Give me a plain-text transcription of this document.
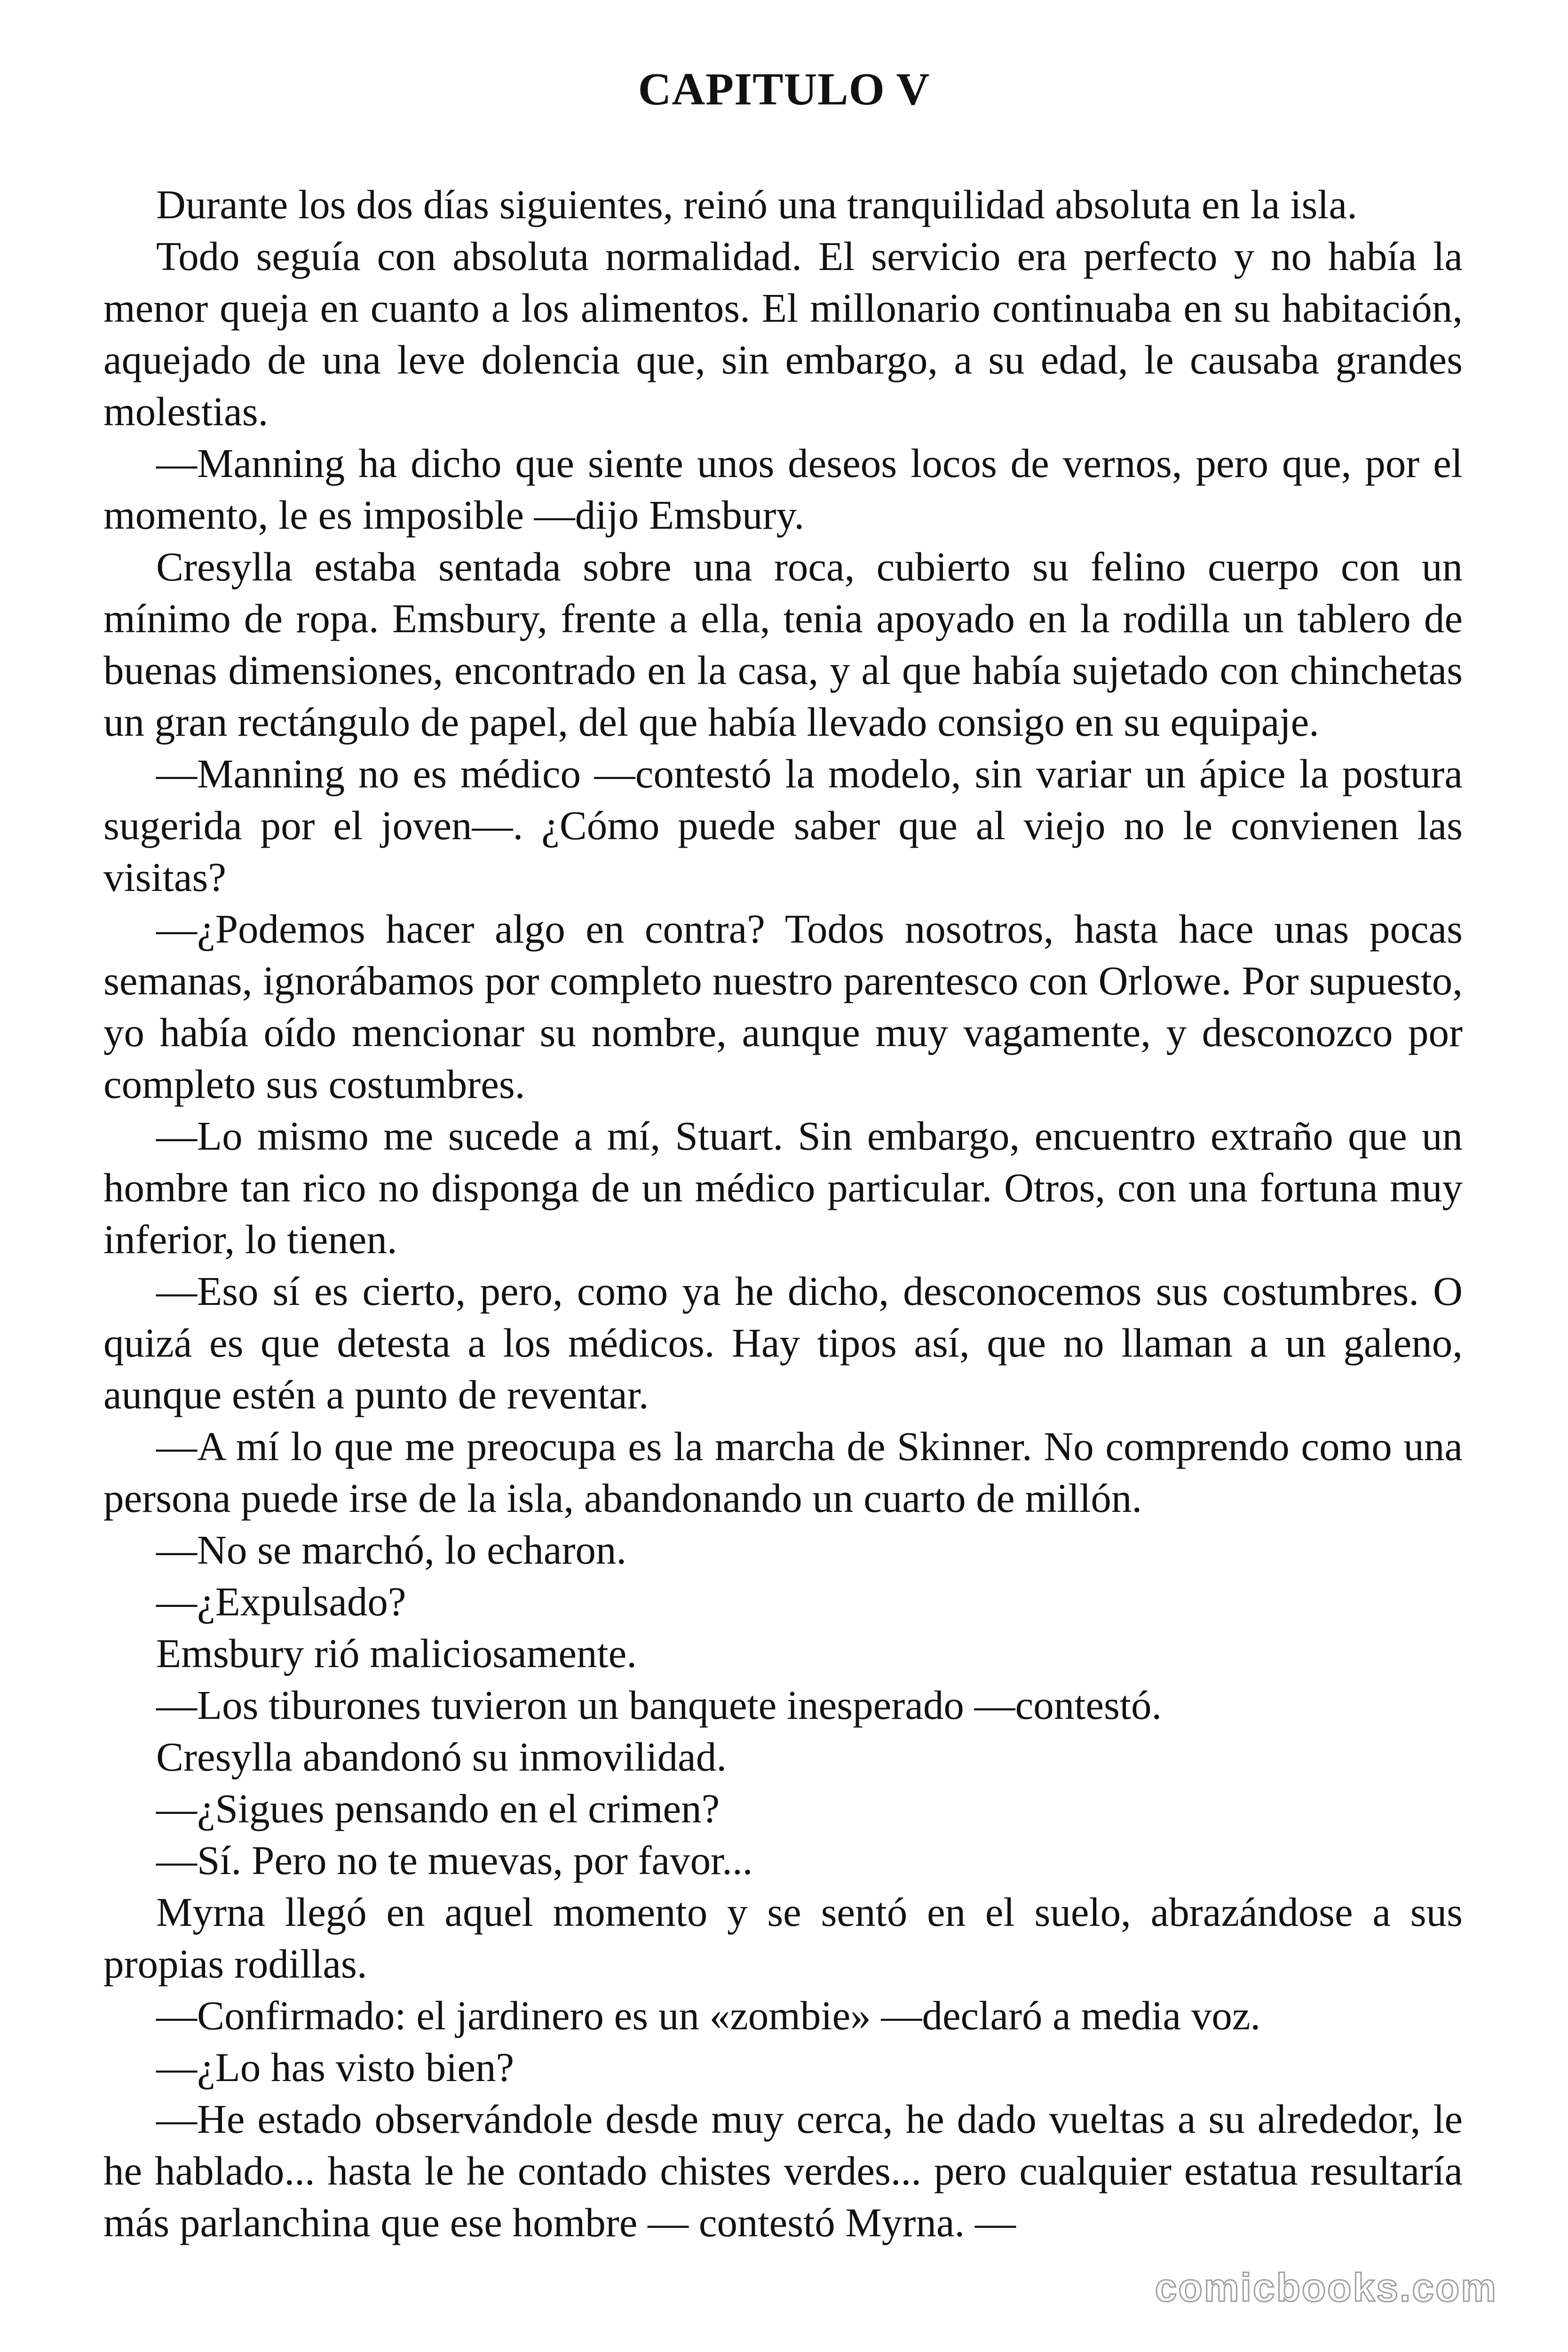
CAPITULO V

Durante los dos días siguientes, reinó una tranquilidad absoluta en la isla.

Todo seguía con absoluta normalidad. El servicio era perfecto y no había la menor queja en cuanto a los alimentos. El millonario continuaba en su habitación, aquejado de una leve dolencia que, sin embargo, a su edad, le causaba grandes molestias.

—Manning ha dicho que siente unos deseos locos de vernos, pero que, por el momento, le es imposible —dijo Emsbury.

Cresylla estaba sentada sobre una roca, cubierto su felino cuerpo con un mínimo de ropa. Emsbury, frente a ella, tenia apoyado en la rodilla un tablero de buenas dimensiones, encontrado en la casa, y al que había sujetado con chinchetas un gran rectángulo de papel, del que había llevado consigo en su equipaje.

—Manning no es médico —contestó la modelo, sin variar un ápice la postura sugerida por el joven—. ¿Cómo puede saber que al viejo no le convienen las visitas?

—¿Podemos hacer algo en contra? Todos nosotros, hasta hace unas pocas semanas, ignorábamos por completo nuestro parentesco con Orlowe. Por supuesto, yo había oído mencionar su nombre, aunque muy vagamente, y desconozco por completo sus costumbres.

—Lo mismo me sucede a mí, Stuart. Sin embargo, encuentro extraño que un hombre tan rico no disponga de un médico particular. Otros, con una fortuna muy inferior, lo tienen.

—Eso sí es cierto, pero, como ya he dicho, desconocemos sus costumbres. O quizá es que detesta a los médicos. Hay tipos así, que no llaman a un galeno, aunque estén a punto de reventar.

—A mí lo que me preocupa es la marcha de Skinner. No comprendo como una persona puede irse de la isla, abandonando un cuarto de millón.

—No se marchó, lo echaron.

—¿Expulsado?

Emsbury rió maliciosamente.

—Los tiburones tuvieron un banquete inesperado —contestó.

Cresylla abandonó su inmovilidad.

—¿Sigues pensando en el crimen?

—Sí. Pero no te muevas, por favor...

Myrna llegó en aquel momento y se sentó en el suelo, abrazándose a sus propias rodillas.

—Confirmado: el jardinero es un «zombie» —declaró a media voz.

—¿Lo has visto bien?

—He estado observándole desde muy cerca, he dado vueltas a su alrededor, le he hablado... hasta le he contado chistes verdes... pero cualquier estatua resultaría más parlanchina que ese hombre — contestó Myrna. —

comicbooks.com
